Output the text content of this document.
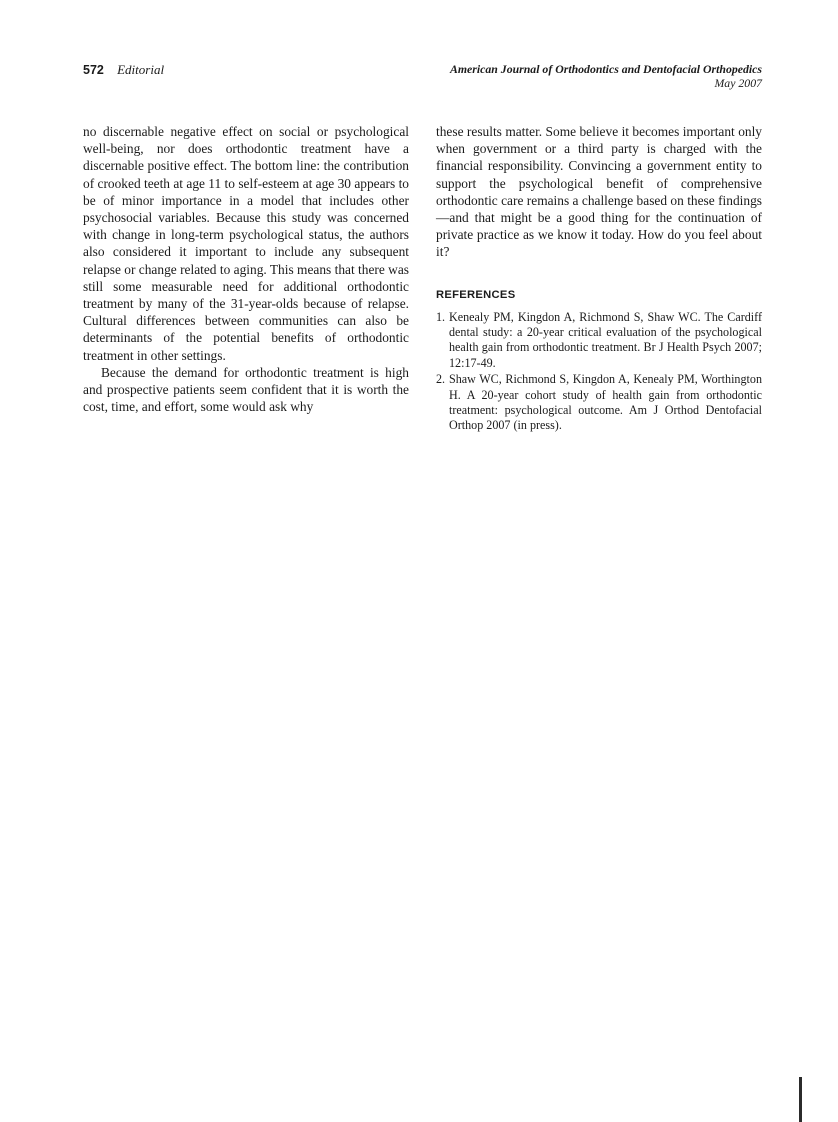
572 Editorial	American Journal of Orthodontics and Dentofacial Orthopedics
May 2007

no discernable negative effect on social or psychological well-being, nor does orthodontic treatment have a discernable positive effect. The bottom line: the contribution of crooked teeth at age 11 to self-esteem at age 30 appears to be of minor importance in a model that includes other psychosocial variables. Because this study was concerned with change in long-term psychological status, the authors also considered it important to include any subsequent relapse or change related to aging. This means that there was still some measurable need for additional orthodontic treatment by many of the 31-year-olds because of relapse. Cultural differences between communities can also be determinants of the potential benefits of orthodontic treatment in other settings.

Because the demand for orthodontic treatment is high and prospective patients seem confident that it is worth the cost, time, and effort, some would ask why

these results matter. Some believe it becomes important only when government or a third party is charged with the financial responsibility. Convincing a government entity to support the psychological benefit of comprehensive orthodontic care remains a challenge based on these findings—and that might be a good thing for the continuation of private practice as we know it today. How do you feel about it?

REFERENCES
1. Kenealy PM, Kingdon A, Richmond S, Shaw WC. The Cardiff dental study: a 20-year critical evaluation of the psychological health gain from orthodontic treatment. Br J Health Psych 2007; 12:17-49.
2. Shaw WC, Richmond S, Kingdon A, Kenealy PM, Worthington H. A 20-year cohort study of health gain from orthodontic treatment: psychological outcome. Am J Orthod Dentofacial Orthop 2007 (in press).
